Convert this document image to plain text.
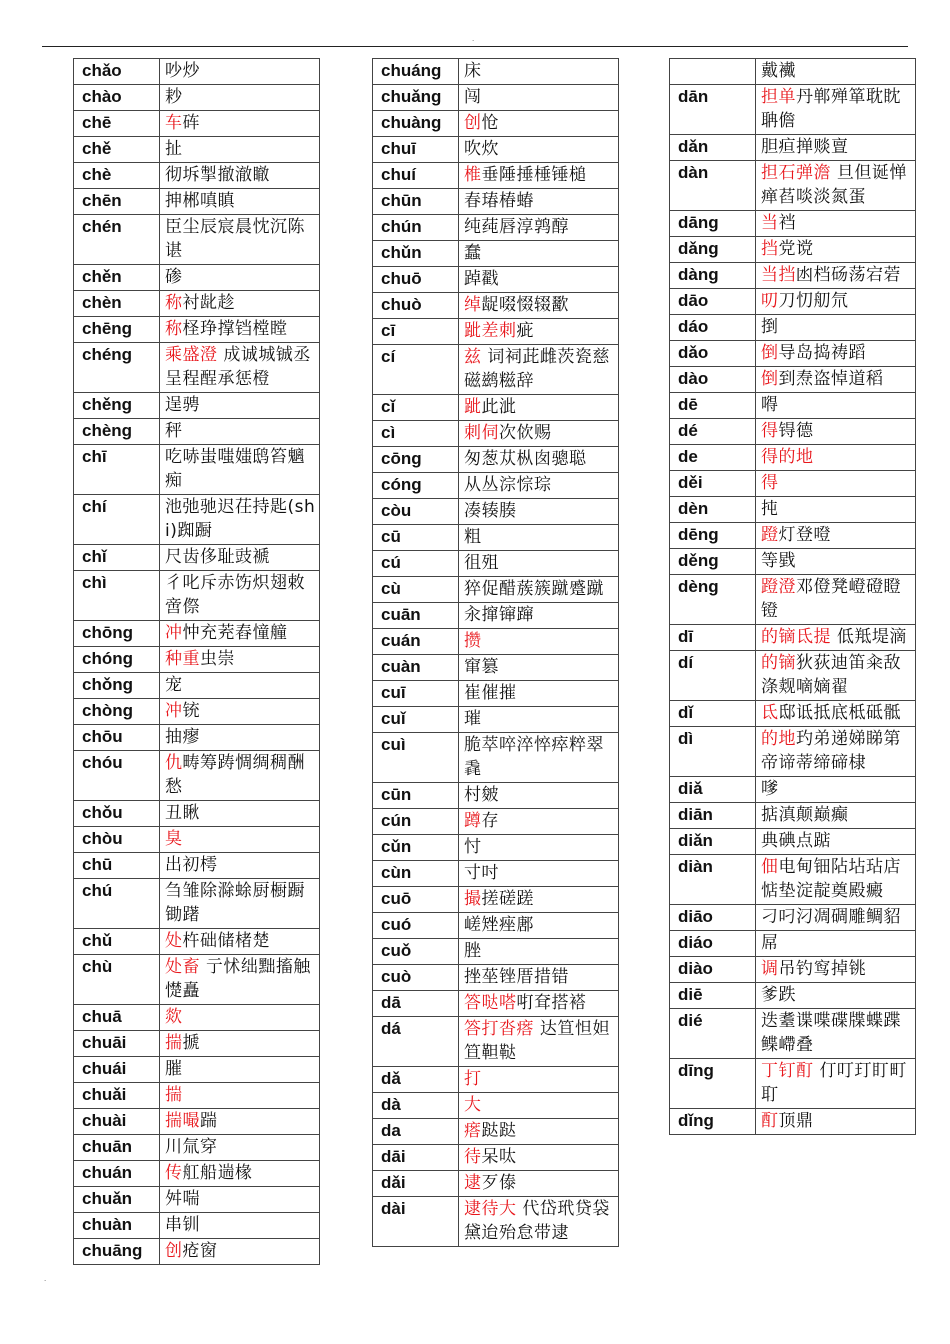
·
chǎo	吵炒
chào	耖
chē	车砗
chě	扯
chè	彻坼掣撤澈瞮
chēn	抻郴嗔瞋
chén	臣尘辰宸晨忱沉陈谌
chěn	碜
chèn	称衬龀趁
chēng	称柽琤撑铛樘瞠
chéng	乘盛澄 成诚城铖丞呈程酲承惩橙
chěng	逞骋
chèng	秤
chī	吃哧蚩嗤媸鸱笞魑痴
chí	池弛驰迟茌持匙(shi)踟蹰
chǐ	尺齿侈耻豉褫
chì	彳叱斥赤饬炽翅敕啻傺
chōng	冲忡充茺舂憧艟
chóng	种重虫崇
chǒng	宠
chòng	冲铳
chōu	抽瘳
chóu	仇畴筹踌惆绸稠酬愁
chǒu	丑瞅
chòu	臭
chū	出初樗
chú	刍雏除滁蜍厨橱蹰锄躇
chǔ	处杵础储楮楚
chù	处畜 亍怵绌黜搐触憷矗
chuā	欻
chuāi	揣搋
chuái	膗
chuǎi	揣
chuài	揣嘬踹
chuān	川氚穿
chuán	传舡船遄椽
chuǎn	舛喘
chuàn	串钏
chuāng	创疮窗
chuáng	床
chuǎng	闯
chuàng	创怆
chuī	吹炊
chuí	椎垂陲捶棰锤槌
chūn	春瑃椿蝽
chún	纯莼唇淳鹑醇
chǔn	蠢
chuō	踔戳
chuò	绰龊啜惙辍歠
cī	跐差刺疵
cí	兹 词祠茈雌茨瓷慈磁鹚糍辞
cǐ	跐此泚
cì	刺伺次佽赐
cōng	匆葱苁枞囱骢聪
cóng	从丛淙悰琮
còu	凑辏腠
cū	粗
cú	徂殂
cù	猝促醋蔟簇蹴蹙蹴
cuān	汆撺镩蹿
cuán	攒
cuàn	窜篡
cuī	崔催摧
cuǐ	璀
cuì	脆萃啐淬悴瘁粹翠毳
cūn	村皴
cún	蹲存
cǔn	忖
cùn	寸吋
cuō	撮搓磋蹉
cuó	嵯矬痤鄌
cuǒ	脞
cuò	挫莝锉厝措错
dā	答哒嗒咑耷搭褡
dá	答打沓瘩 达笪怛妲笪靼鞑
dǎ	打
dà	大
da	瘩跶跶
dāi	待呆呔
dǎi	逮歹傣
dài	逮待大 代岱玳贷袋黛迨殆怠带逮
	戴襶
dān	担单丹郸殚箪耽眈聃儋
dǎn	胆疸掸赕亶
dàn	担石弹澹 旦但诞惮瘅萏啖淡氮蛋
dāng	当裆
dǎng	挡党谠
dàng	当挡凼档砀荡宕菪
dāo	叨刀忉舠氘
dáo	捯
dǎo	倒导岛捣祷蹈
dào	倒到焘盗悼道稻
dē	嘚
dé	得锝德
de	得的地
děi	得
dèn	扽
dēng	蹬灯登噔
děng	等戥
dèng	蹬澄邓僜凳嶝磴瞪镫
dī	的镝氐提 低羝堤滴
dí	的镝狄荻迪笛籴敌涤觌嘀嫡翟
dǐ	氐邸诋抵底柢砥骶
dì	的地玓弟递娣睇第帝谛蒂缔碲棣
diǎ	嗲
diān	掂滇颠巅癫
diǎn	典碘点踮
diàn	佃电甸钿阽坫玷店惦垫淀靛奠殿癜
diāo	刁叼汈凋碉雕鲷貂
diáo	屌
diào	调吊钓窎掉铫
diē	爹跌
dié	迭耋谍喋碟牒蝶蹀鲽嵽叠
dīng	丁钉酊 仃叮玎盯町耵
dǐng	酊顶鼎
·
